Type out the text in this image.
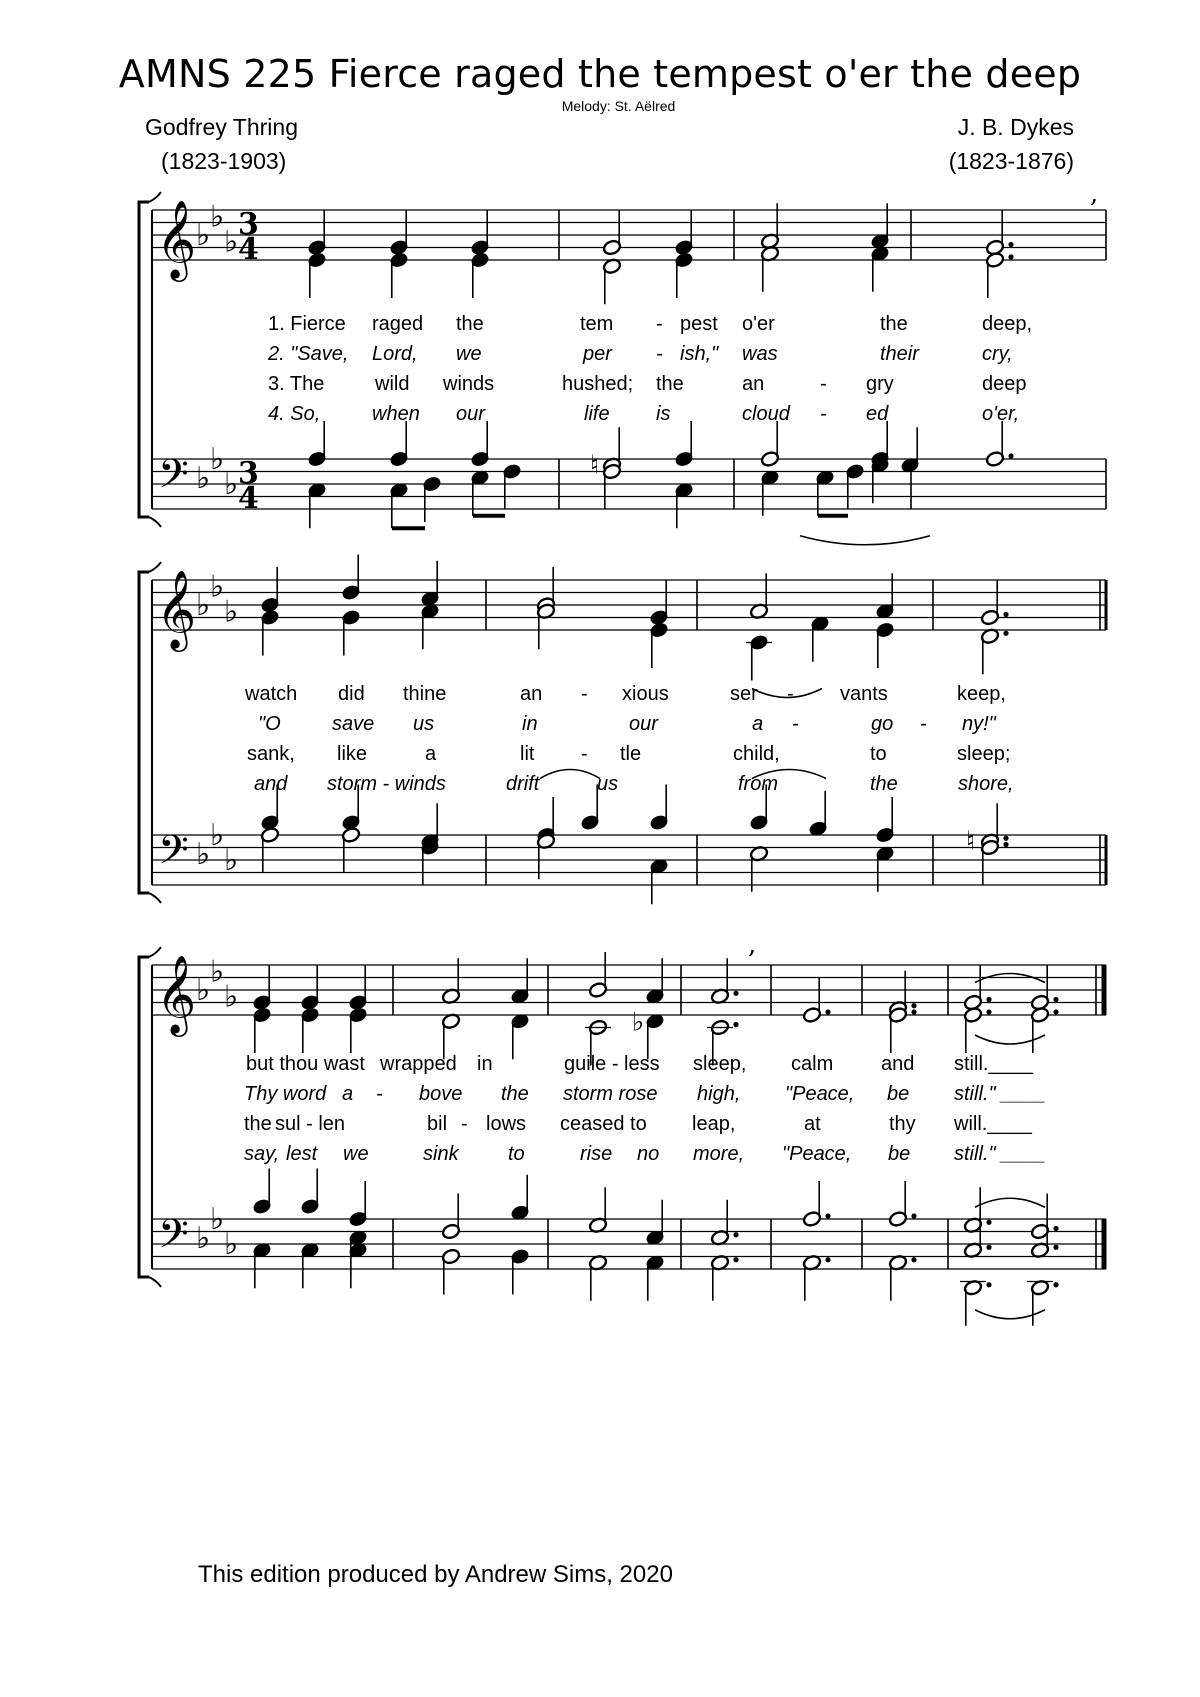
AMNS 225 Fierce raged the tempest o'er the deep
Melody: St. Aëlred
Godfrey Thring
(1823-1903)
J. B. Dykes
(1823-1876)
𝄞
𝄢
♭
♭
♭
♭
♭
♭
3
4
3
4
𝄞
𝄢
♭
♭
♭
♭
♭
♭
𝄞
𝄢
♭
♭
♭
♭
♭
♭
,
♮
♮
♭
,
1. Fierce raged the	tem - pest o'er	the	deep,
2. "Save, Lord, we	per - ish," was	their	cry,
3. The	wild winds	hushed; the	an	- gry	deep
4. So,	when our	life is	cloud - ed	o'er,
watch did thine	an - xious	ser - vants	keep,
"O	save us	in	our	a -	go - ny!"
sank, like	a	lit - tle	child,	to	sleep;
and storm - winds	drift	us	from	the	shore,
but thou wast wrapped in	guile - less sleep, calm and still.____
Thy word a - bove the storm rose high, "Peace, be still." ____
the sul - len	bil - lows ceased to leap,	at	thy will.____
say, lest we	sink to	rise no more, "Peace, be still." ____
This edition produced by Andrew Sims, 2020
